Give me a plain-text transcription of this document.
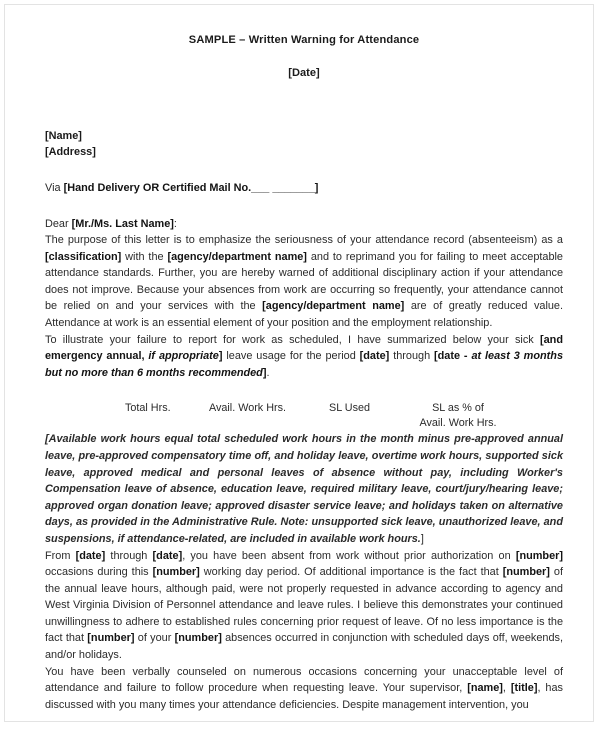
SAMPLE – Written Warning for Attendance
[Date]
[Name]
[Address]
Via [Hand Delivery OR Certified Mail No.___ _______]
Dear [Mr./Ms. Last Name]:

The purpose of this letter is to emphasize the seriousness of your attendance record (absenteeism) as a [classification] with the [agency/department name] and to reprimand you for failing to meet acceptable attendance standards. Further, you are hereby warned of additional disciplinary action if your attendance does not improve. Because your absences from work are occurring so frequently, your attendance cannot be relied on and your services with the [agency/department name] are of greatly reduced value. Attendance at work is an essential element of your position and the employment relationship.

To illustrate your failure to report for work as scheduled, I have summarized below your sick [and emergency annual, if appropriate] leave usage for the period [date] through [date - at least 3 months but no more than 6 months recommended].

Total Hrs.	Avail. Work Hrs.	SL Used	SL as % of
Avail. Work Hrs.

[Available work hours equal total scheduled work hours in the month minus pre-approved annual leave, pre-approved compensatory time off, and holiday leave, overtime work hours, supported sick leave, approved medical and personal leaves of absence without pay, including Worker's Compensation leave of absence, education leave, required military leave, court/jury/hearing leave; approved organ donation leave; approved disaster service leave; and holidays taken on alternative days, as provided in the Administrative Rule. Note: unsupported sick leave, unauthorized leave, and suspensions, if attendance-related, are included in available work hours.]

From [date] through [date], you have been absent from work without prior authorization on [number] occasions during this [number] working day period. Of additional importance is the fact that [number] of the annual leave hours, although paid, were not properly requested in advance according to agency and West Virginia Division of Personnel attendance and leave rules. I believe this demonstrates your continued unwillingness to adhere to established rules concerning prior request of leave. Of no less importance is the fact that [number] of your [number] absences occurred in conjunction with scheduled days off, weekends, and/or holidays.

You have been verbally counseled on numerous occasions concerning your unacceptable level of attendance and failure to follow procedure when requesting leave. Your supervisor, [name], [title], has discussed with you many times your attendance deficiencies. Despite management intervention, you
